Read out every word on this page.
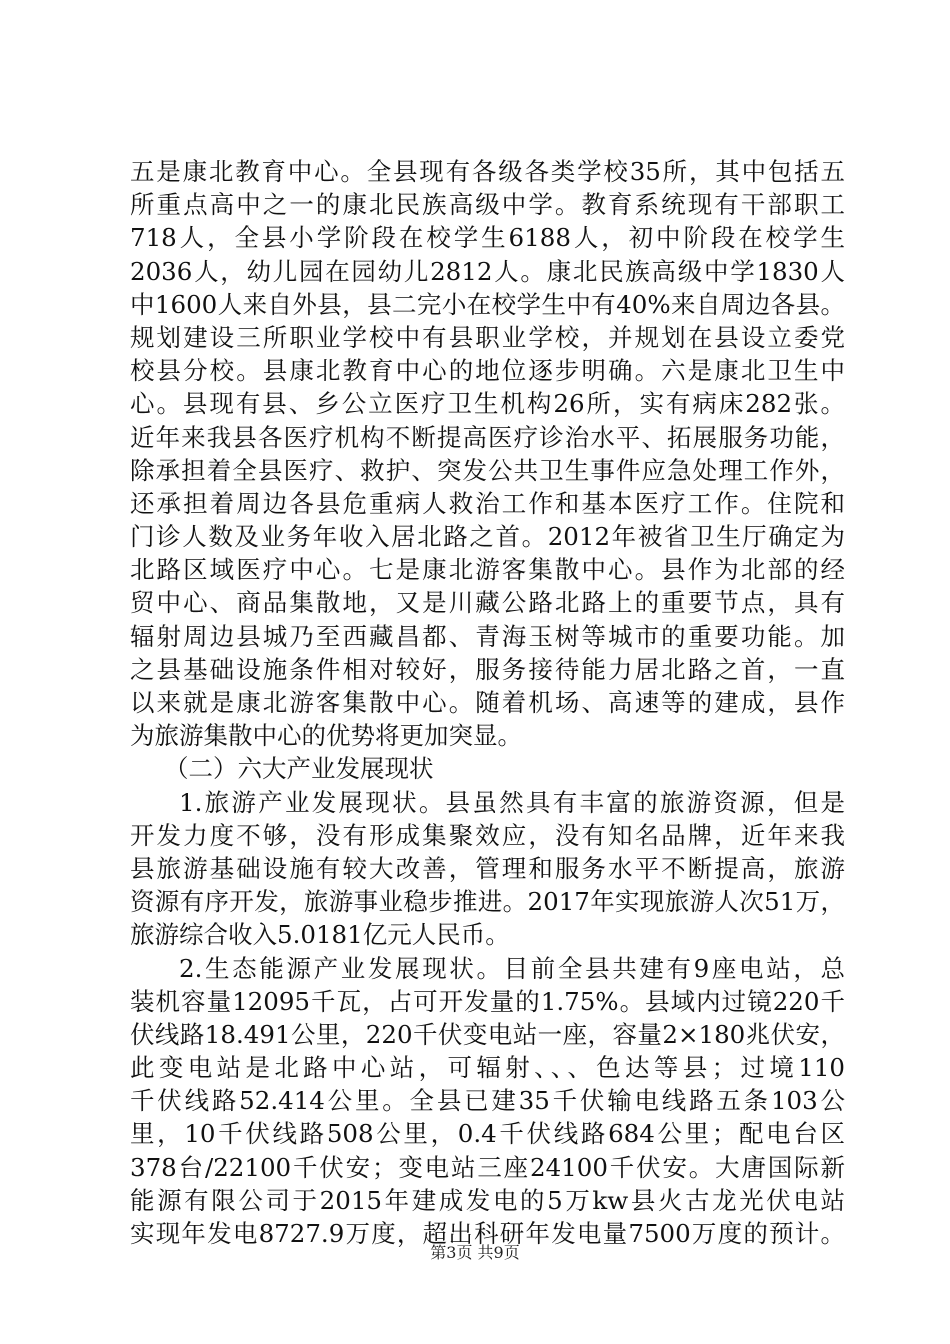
五是康北教育中心。全县现有各级各类学校35所，其中包括五
所重点高中之一的康北民族高级中学。教育系统现有干部职工
718人，全县小学阶段在校学生6188人，初中阶段在校学生
2036人，幼儿园在园幼儿2812人。康北民族高级中学1830人
中1600人来自外县，县二完小在校学生中有40%来自周边各县。
规划建设三所职业学校中有县职业学校，并规划在县设立委党
校县分校。县康北教育中心的地位逐步明确。六是康北卫生中
心。县现有县、乡公立医疗卫生机构26所，实有病床282张。
近年来我县各医疗机构不断提高医疗诊治水平、拓展服务功能，
除承担着全县医疗、救护、突发公共卫生事件应急处理工作外，
还承担着周边各县危重病人救治工作和基本医疗工作。住院和
门诊人数及业务年收入居北路之首。2012年被省卫生厅确定为
北路区域医疗中心。七是康北游客集散中心。县作为北部的经
贸中心、商品集散地，又是川藏公路北路上的重要节点，具有
辐射周边县城乃至西藏昌都、青海玉树等城市的重要功能。加
之县基础设施条件相对较好，服务接待能力居北路之首，一直
以来就是康北游客集散中心。随着机场、高速等的建成，县作
为旅游集散中心的优势将更加突显。
（二）六大产业发展现状
1.旅游产业发展现状。县虽然具有丰富的旅游资源，但是
开发力度不够，没有形成集聚效应，没有知名品牌，近年来我
县旅游基础设施有较大改善，管理和服务水平不断提高，旅游
资源有序开发，旅游事业稳步推进。2017年实现旅游人次51万，
旅游综合收入5.0181亿元人民币。
2.生态能源产业发展现状。目前全县共建有9座电站，总
装机容量12095千瓦，占可开发量的1.75%。县域内过镜220千
伏线路18.491公里，220千伏变电站一座，容量2×180兆伏安，
此变电站是北路中心站，可辐射、、、色达等县；过境110
千伏线路52.414公里。全县已建35千伏输电线路五条103公
里，10千伏线路508公里，0.4千伏线路684公里；配电台区
378台/22100千伏安；变电站三座24100千伏安。大唐国际新
能源有限公司于2015年建成发电的5万kw县火古龙光伏电站
实现年发电8727.9万度，超出科研年发电量7500万度的预计。
第3页 共9页
